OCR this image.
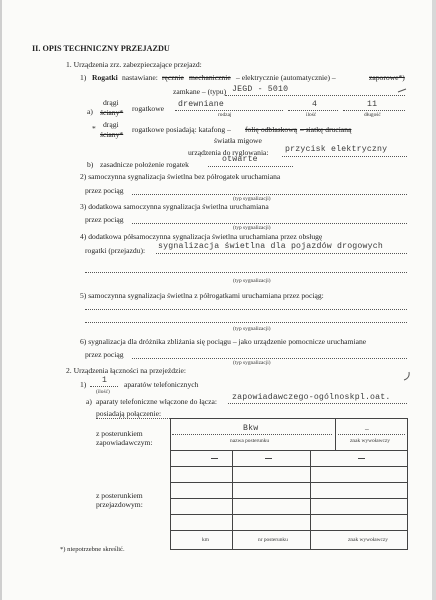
II. OPIS TECHNICZNY PRZEJAZDU
1. Urządzenia zrz. zabezpieczające przejazd:
1) Rogatki nastawiane: ręcznie mechanicznie – elektrycznie (automatycznie) –	zaporowe*)
zamkane – (typu) JEGD - 5010
a)
drągi
ściany* rogatkowe drewniane	4	11
rodzaj	ilość	długość
* drągi
ściany*
rogatkowe posiadają: katafong – folię odblaskową – siatkę drucianą
światła migowe
urządzenia do ryglowania: przycisk elektryczny
b) zasadnicze położenie rogatek
otwarte
2) samoczynna sygnalizacja świetlna bez półrogatek uruchamiana
przez pociąg
(typ sygnalizacji)
3) dodatkowa samoczynna sygnalizacja świetlna uruchamiana
przez pociąg
(typ sygnalizacji)
4) dodatkowa półsamoczynna sygnalizacja świetlna uruchamiana przez obsługę
rogatki (przejazdu): sygnalizacja świetlna dla pojazdów drogowych
(typ sygnalizacji)
5) samoczynna sygnalizacja świetlna z półrogatkami uruchamiana przez pociąg:
(typ sygnalizacji)
6) sygnalizacja dla dróżnika zbliżania się pociągu – jako urządzenie pomocnicze uruchamiane
przez pociąg
(typ sygnalizacji)
2. Urządzenia łączności na przejeździe:
1) 1 aparatów telefonicznych
(ilość)
a) aparaty telefoniczne włączone do łącza: zapowiadawczego-ogólnoskpl.oat.
posiadają połączenie:
z posterunkiem
zapowiadawczym:
Bkw	–
nazwa posterunku	znak wywoławczy
z posterunkiem
przejazdowym:
km	nr posterunku	znak wywoławczy
*) niepotrzebne skreślić.
